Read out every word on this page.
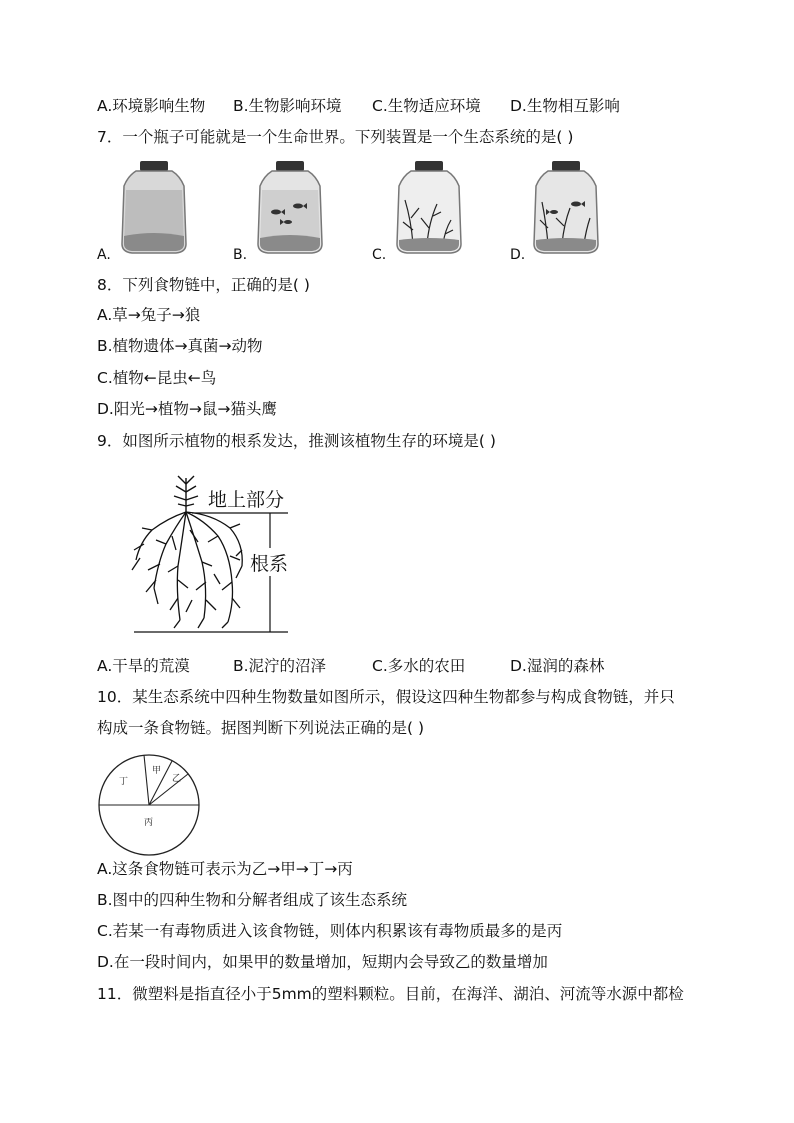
A.环境影响生物 B.生物影响环境 C.生物适应环境 D.生物相互影响
7．一个瓶子可能就是一个生命世界。下列装置是一个生态系统的是( )
A.	B.	C.	D.
8．下列食物链中，正确的是( )
A.草→兔子→狼
B.植物遗体→真菌→动物
C.植物←昆虫←鸟
D.阳光→植物→鼠→猫头鹰
9．如图所示植物的根系发达，推测该植物生存的环境是( )
地上部分
根系
A.干旱的荒漠	B.泥泞的沼泽	C.多水的农田	D.湿润的森林
10．某生态系统中四种生物数量如图所示，假设这四种生物都参与构成食物链，并只
构成一条食物链。据图判断下列说法正确的是( )
丁
甲
乙
丙
A.这条食物链可表示为乙→甲→丁→丙
B.图中的四种生物和分解者组成了该生态系统
C.若某一有毒物质进入该食物链，则体内积累该有毒物质最多的是丙
D.在一段时间内，如果甲的数量增加，短期内会导致乙的数量增加
11．微塑料是指直径小于5mm的塑料颗粒。目前，在海洋、湖泊、河流等水源中都检
